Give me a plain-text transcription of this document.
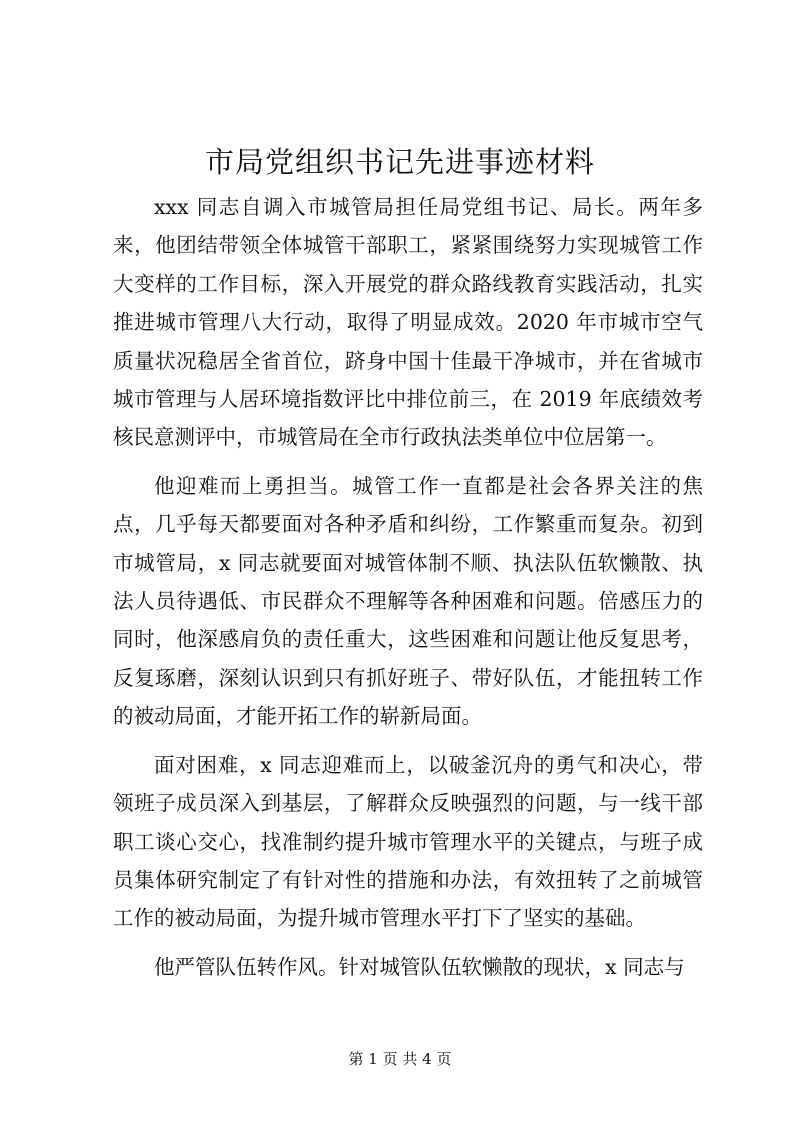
市局党组织书记先进事迹材料

xxx 同志自调入市城管局担任局党组书记、局长。两年多来，他团结带领全体城管干部职工，紧紧围绕努力实现城管工作大变样的工作目标，深入开展党的群众路线教育实践活动，扎实推进城市管理八大行动，取得了明显成效。2020 年市城市空气质量状况稳居全省首位，跻身中国十佳最干净城市，并在省城市城市管理与人居环境指数评比中排位前三，在 2019 年底绩效考核民意测评中，市城管局在全市行政执法类单位中位居第一。

他迎难而上勇担当。城管工作一直都是社会各界关注的焦点，几乎每天都要面对各种矛盾和纠纷，工作繁重而复杂。初到市城管局，x 同志就要面对城管体制不顺、执法队伍软懒散、执法人员待遇低、市民群众不理解等各种困难和问题。倍感压力的同时，他深感肩负的责任重大，这些困难和问题让他反复思考，反复琢磨，深刻认识到只有抓好班子、带好队伍，才能扭转工作的被动局面，才能开拓工作的崭新局面。

面对困难，x 同志迎难而上，以破釜沉舟的勇气和决心，带领班子成员深入到基层，了解群众反映强烈的问题，与一线干部职工谈心交心，找准制约提升城市管理水平的关键点，与班子成员集体研究制定了有针对性的措施和办法，有效扭转了之前城管工作的被动局面，为提升城市管理水平打下了坚实的基础。

他严管队伍转作风。针对城管队伍软懒散的现状，x 同志与

第 1 页 共 4 页
